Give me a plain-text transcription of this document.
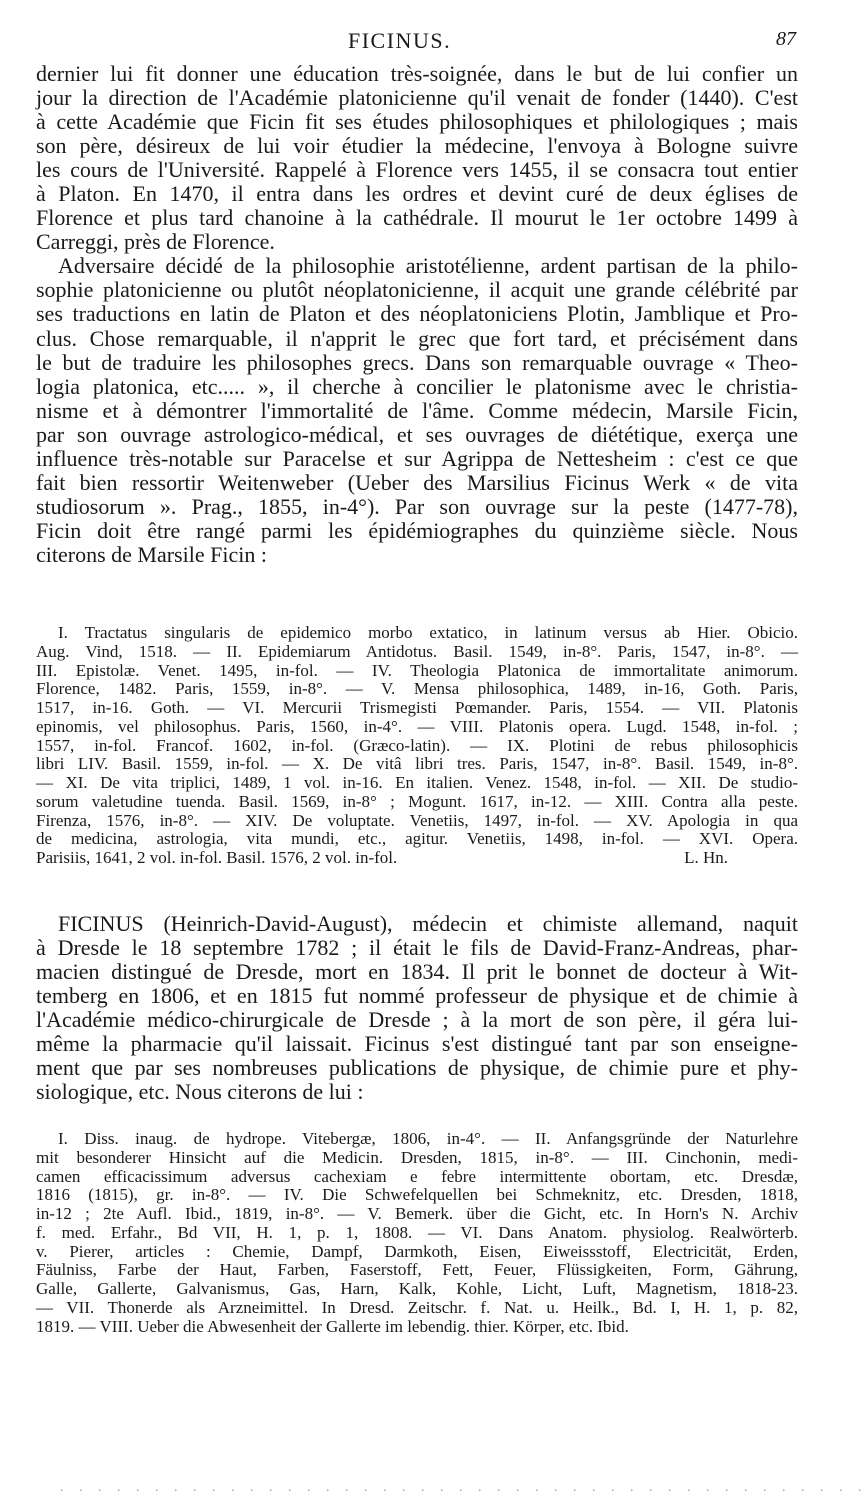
FICINUS.	87
dernier lui fit donner une éducation très-soignée, dans le but de lui confier un
jour la direction de l'Académie platonicienne qu'il venait de fonder (1440). C'est
à cette Académie que Ficin fit ses études philosophiques et philologiques ; mais
son père, désireux de lui voir étudier la médecine, l'envoya à Bologne suivre
les cours de l'Université. Rappelé à Florence vers 1455, il se consacra tout entier
à Platon. En 1470, il entra dans les ordres et devint curé de deux églises de
Florence et plus tard chanoine à la cathédrale. Il mourut le 1er octobre 1499 à
Carreggi, près de Florence.
Adversaire décidé de la philosophie aristotélienne, ardent partisan de la philo-
sophie platonicienne ou plutôt néoplatonicienne, il acquit une grande célébrité par
ses traductions en latin de Platon et des néoplatoniciens Plotin, Jamblique et Pro-
clus. Chose remarquable, il n'apprit le grec que fort tard, et précisément dans
le but de traduire les philosophes grecs. Dans son remarquable ouvrage « Theo-
logia platonica, etc..... », il cherche à concilier le platonisme avec le christia-
nisme et à démontrer l'immortalité de l'âme. Comme médecin, Marsile Ficin,
par son ouvrage astrologico-médical, et ses ouvrages de diététique, exerça une
influence très-notable sur Paracelse et sur Agrippa de Nettesheim : c'est ce que
fait bien ressortir Weitenweber (Ueber des Marsilius Ficinus Werk « de vita
studiosorum ». Prag., 1855, in-4°). Par son ouvrage sur la peste (1477-78),
Ficin doit être rangé parmi les épidémiographes du quinzième siècle. Nous
citerons de Marsile Ficin :
I. Tractatus singularis de epidemico morbo extatico, in latinum versus ab Hier. Obicio.
Aug. Vind, 1518. — II. Epidemiarum Antidotus. Basil. 1549, in-8°. Paris, 1547, in-8°. —
III. Epistolæ. Venet. 1495, in-fol. — IV. Theologia Platonica de immortalitate animorum.
Florence, 1482. Paris, 1559, in-8°. — V. Mensa philosophica, 1489, in-16, Goth. Paris,
1517, in-16. Goth. — VI. Mercurii Trismegisti Pœmander. Paris, 1554. — VII. Platonis
epinomis, vel philosophus. Paris, 1560, in-4°. — VIII. Platonis opera. Lugd. 1548, in-fol. ;
1557, in-fol. Francof. 1602, in-fol. (Græco-latin). — IX. Plotini de rebus philosophicis
libri LIV. Basil. 1559, in-fol. — X. De vitâ libri tres. Paris, 1547, in-8°. Basil. 1549, in-8°.
— XI. De vita triplici, 1489, 1 vol. in-16. En italien. Venez. 1548, in-fol. — XII. De studio-
sorum valetudine tuenda. Basil. 1569, in-8° ; Mogunt. 1617, in-12. — XIII. Contra alla peste.
Firenza, 1576, in-8°. — XIV. De voluptate. Venetiis, 1497, in-fol. — XV. Apologia in qua
de medicina, astrologia, vita mundi, etc., agitur. Venetiis, 1498, in-fol. — XVI. Opera.
Parisiis, 1641, 2 vol. in-fol. Basil. 1576, 2 vol. in-fol.	L. Hn.
FICINUS (Heinrich-David-August), médecin et chimiste allemand, naquit
à Dresde le 18 septembre 1782 ; il était le fils de David-Franz-Andreas, phar-
macien distingué de Dresde, mort en 1834. Il prit le bonnet de docteur à Wit-
temberg en 1806, et en 1815 fut nommé professeur de physique et de chimie à
l'Académie médico-chirurgicale de Dresde ; à la mort de son père, il géra lui-
même la pharmacie qu'il laissait. Ficinus s'est distingué tant par son enseigne-
ment que par ses nombreuses publications de physique, de chimie pure et phy-
siologique, etc. Nous citerons de lui :
I. Diss. inaug. de hydrope. Vitebergæ, 1806, in-4°. — II. Anfangsgründe der Naturlehre
mit besonderer Hinsicht auf die Medicin. Dresden, 1815, in-8°. — III. Cinchonin, medi-
camen efficacissimum adversus cachexiam e febre intermittente obortam, etc. Dresdæ,
1816 (1815), gr. in-8°. — IV. Die Schwefelquellen bei Schmeknitz, etc. Dresden, 1818,
in-12 ; 2te Aufl. Ibid., 1819, in-8°. — V. Bemerk. über die Gicht, etc. In Horn's N. Archiv
f. med. Erfahr., Bd VII, H. 1, p. 1, 1808. — VI. Dans Anatom. physiolog. Realwörterb.
v. Pierer, articles : Chemie, Dampf, Darmkoth, Eisen, Eiweissstoff, Electricität, Erden,
Fäulniss, Farbe der Haut, Farben, Faserstoff, Fett, Feuer, Flüssigkeiten, Form, Gährung,
Galle, Gallerte, Galvanismus, Gas, Harn, Kalk, Kohle, Licht, Luft, Magnetism, 1818-23.
— VII. Thonerde als Arzneimittel. In Dresd. Zeitschr. f. Nat. u. Heilk., Bd. I, H. 1, p. 82,
1819. — VIII. Ueber die Abwesenheit der Gallerte im lebendig. thier. Körper, etc. Ibid.
. . . . . . . . . . . . . . . . . . . . . . . . . . . . . . . . . . . . . . . . . . .
